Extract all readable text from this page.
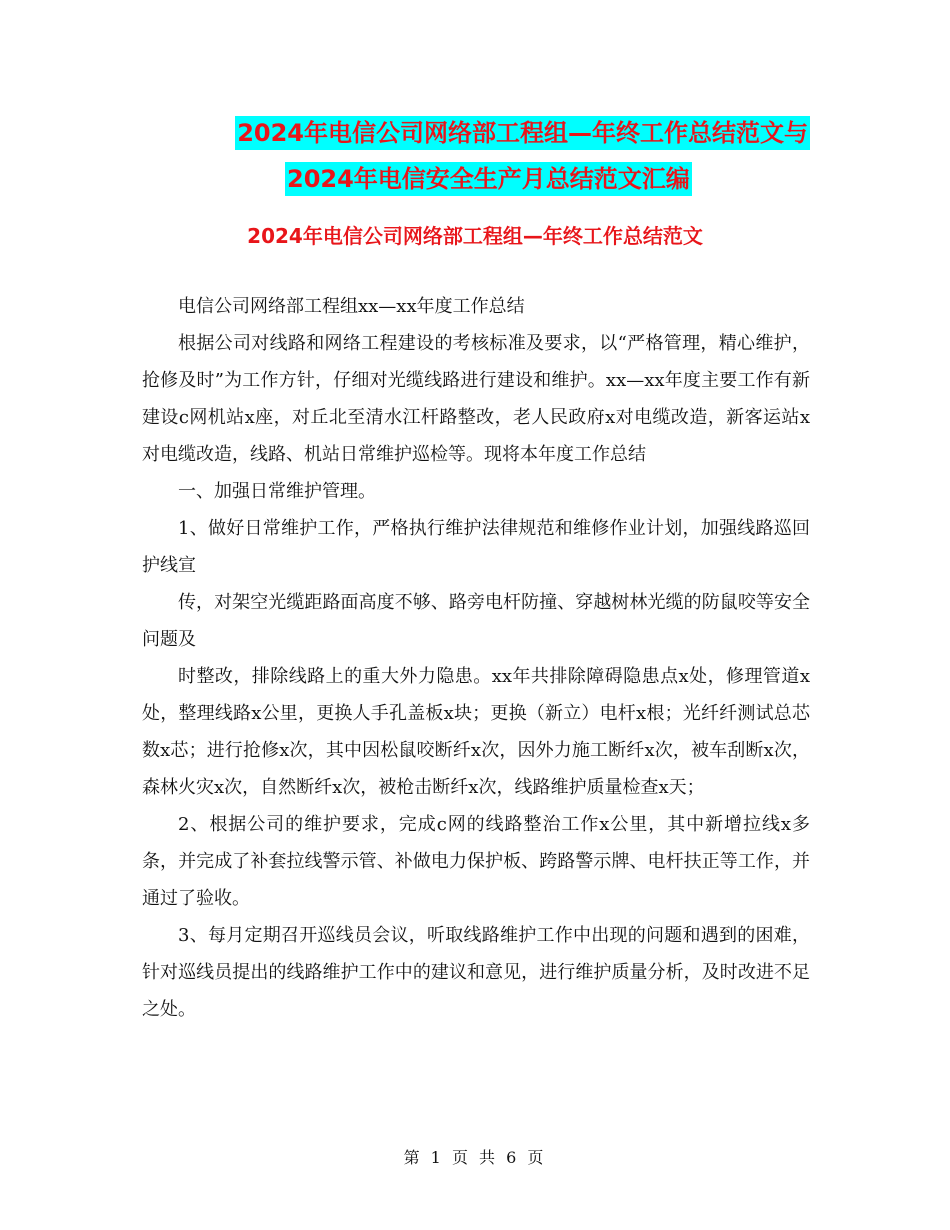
2024年电信公司网络部工程组—年终工作总结范文与
2024年电信安全生产月总结范文汇编
2024年电信公司网络部工程组—年终工作总结范文

电信公司网络部工程组xx—xx年度工作总结

根据公司对线路和网络工程建设的考核标准及要求，以“严格管理，精心维护，抢修及时”为工作方针，仔细对光缆线路进行建设和维护。xx—xx年度主要工作有新建设c网机站x座，对丘北至清水江杆路整改，老人民政府x对电缆改造，新客运站x对电缆改造，线路、机站日常维护巡检等。现将本年度工作总结

一、加强日常维护管理。

1、做好日常维护工作，严格执行维护法律规范和维修作业计划，加强线路巡回护线宣

传，对架空光缆距路面高度不够、路旁电杆防撞、穿越树林光缆的防鼠咬等安全问题及

时整改，排除线路上的重大外力隐患。xx年共排除障碍隐患点x处，修理管道x处，整理线路x公里，更换人手孔盖板x块；更换（新立）电杆x根；光纤纤测试总芯数x芯；进行抢修x次，其中因松鼠咬断纤x次，因外力施工断纤x次，被车刮断x次，森林火灾x次，自然断纤x次，被枪击断纤x次，线路维护质量检查x天；

2、根据公司的维护要求，完成c网的线路整治工作x公里，其中新增拉线x多条，并完成了补套拉线警示管、补做电力保护板、跨路警示牌、电杆扶正等工作，并通过了验收。

3、每月定期召开巡线员会议，听取线路维护工作中出现的问题和遇到的困难，针对巡线员提出的线路维护工作中的建议和意见，进行维护质量分析，及时改进不足之处。

第 1 页 共 6 页
